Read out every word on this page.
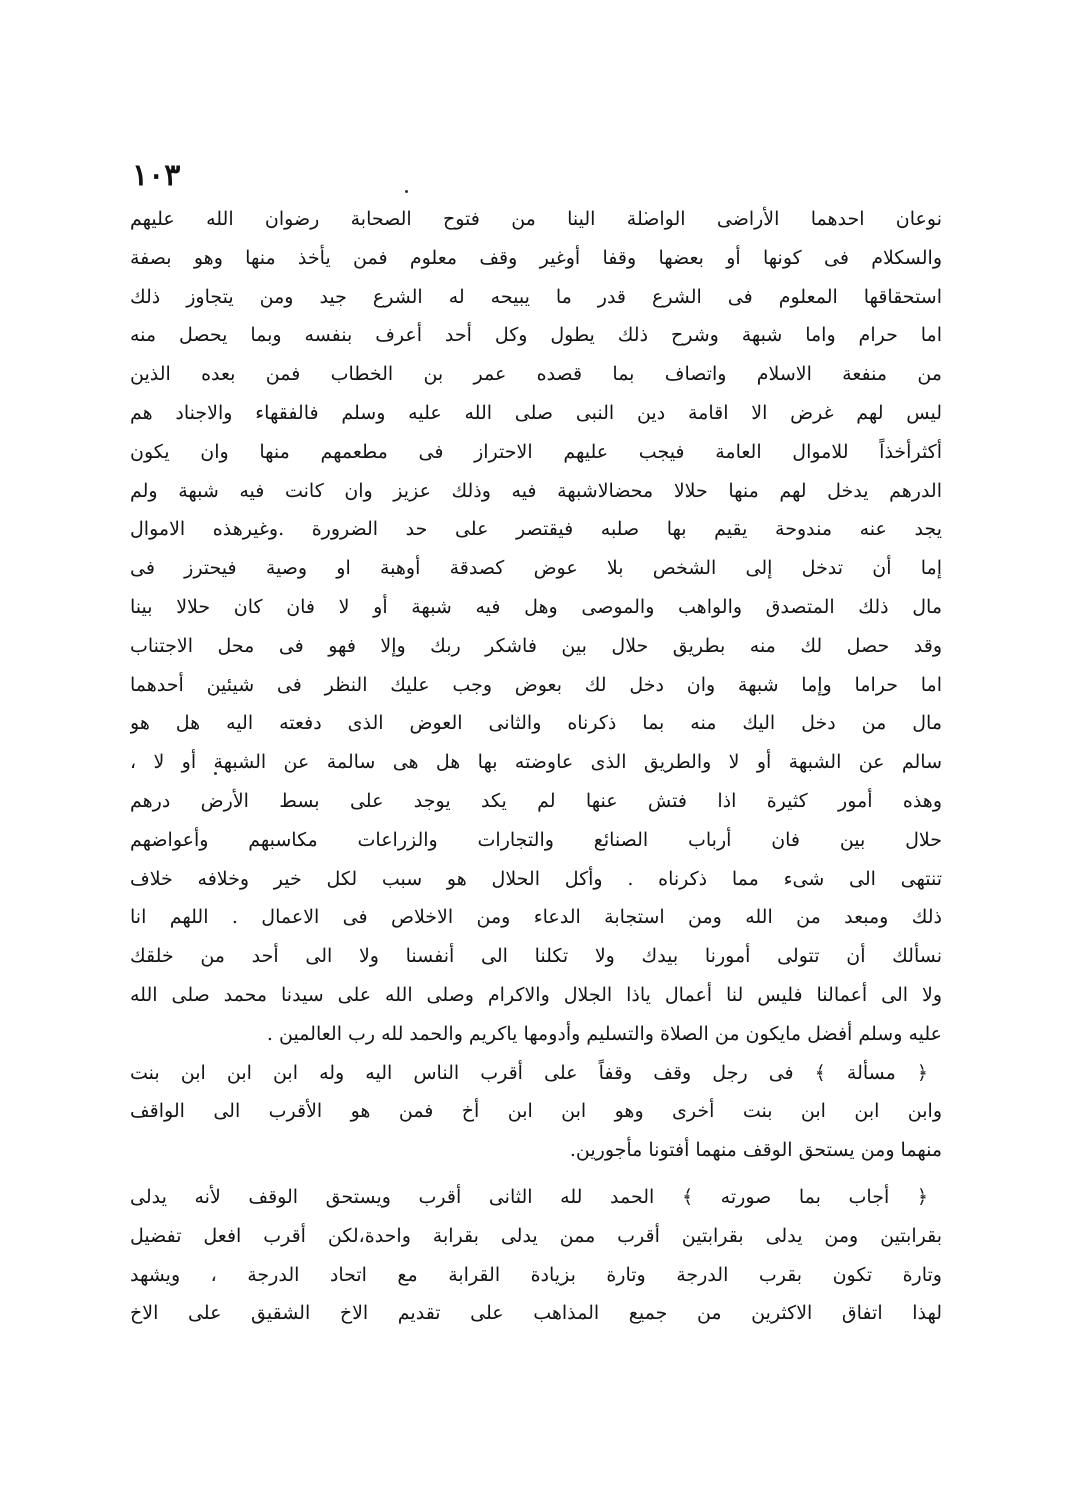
١٠٣
نوعان احدهما الأراضى الواصلة الينا من فتوح الصحابة رضوان الله عليهم
والسكلام فى كونها أو بعضها وقفا أوغير وقف معلوم فمن يأخذ منها وهو بصفة
استحقاقها المعلوم فى الشرع قدر ما يبيحه له الشرع جيد ومن يتجاوز ذلك
اما حرام واما شبهة وشرح ذلك يطول وكل أحد أعرف بنفسه وبما يحصل منه
من منفعة الاسلام واتصاف بما قصده عمر بن الخطاب فمن بعده الذين
ليس لهم غرض الا اقامة دين النبى صلى الله عليه وسلم فالفقهاء والاجناد هم
أكثرأخذاً للاموال العامة فيجب عليهم الاحتراز فى مطعمهم منها وان يكون
الدرهم يدخل لهم منها حلالا محضالاشبهة فيه وذلك عزيز وان كانت فيه شبهة ولم
يجد عنه مندوحة يقيم بها صلبه فيقتصر على حد الضرورة .وغيرهذه الاموال
إما أن تدخل إلى الشخص بلا عوض كصدقة أوهبة او وصية فيحترز فى
مال ذلك المتصدق والواهب والموصى وهل فيه شبهة أو لا فان كان حلالا بينا
وقد حصل لك منه بطريق حلال بين فاشكر ربك وإلا فهو فى محل الاجتناب
اما حراما وإما شبهة وان دخل لك بعوض وجب عليك النظر فى شيئين أحدهما
مال من دخل اليك منه بما ذكرناه والثانى العوض الذى دفعته اليه هل هو
سالم عن الشبهة أو لا والطريق الذى عاوضته بها هل هى سالمة عن الشبهة أو لا ،
وهذه أمور كثيرة اذا فتش عنها لم يكد يوجد على بسط الأرض درهم
حلال بين فان أرباب الصنائع والتجارات والزراعات مكاسبهم وأعواضهم
تنتهى الى شىء مما ذكرناه . وأكل الحلال هو سبب لكل خير وخلافه خلاف
ذلك ومبعد من الله ومن استجابة الدعاء ومن الاخلاص فى الاعمال . اللهم انا
نسألك أن تتولى أمورنا بيدك ولا تكلنا الى أنفسنا ولا الى أحد من خلقك
ولا الى أعمالنا فليس لنا أعمال ياذا الجلال والاكرام وصلى الله على سيدنا محمد صلى الله
عليه وسلم أفضل مايكون من الصلاة والتسليم وأدومها ياكريم والحمد لله رب العالمين .
﴿ مسألة ﴾ فى رجل وقف وقفاً على أقرب الناس اليه وله ابن ابن ابن بنت
وابن ابن ابن بنت أخرى وهو ابن ابن أخ فمن هو الأقرب الى الواقف
منهما ومن يستحق الوقف منهما أفتونا مأجورين.
﴿ أجاب بما صورته ﴾ الحمد لله الثانى أقرب ويستحق الوقف لأنه يدلى
بقرابتين ومن يدلى بقرابتين أقرب ممن يدلى بقرابة واحدة،لكن أقرب افعل تفضيل
وتارة تكون بقرب الدرجة وتارة بزيادة القرابة مع اتحاد الدرجة ، ويشهد
لهذا اتفاق الاكثرين من جميع المذاهب على تقديم الاخ الشقيق على الاخ
